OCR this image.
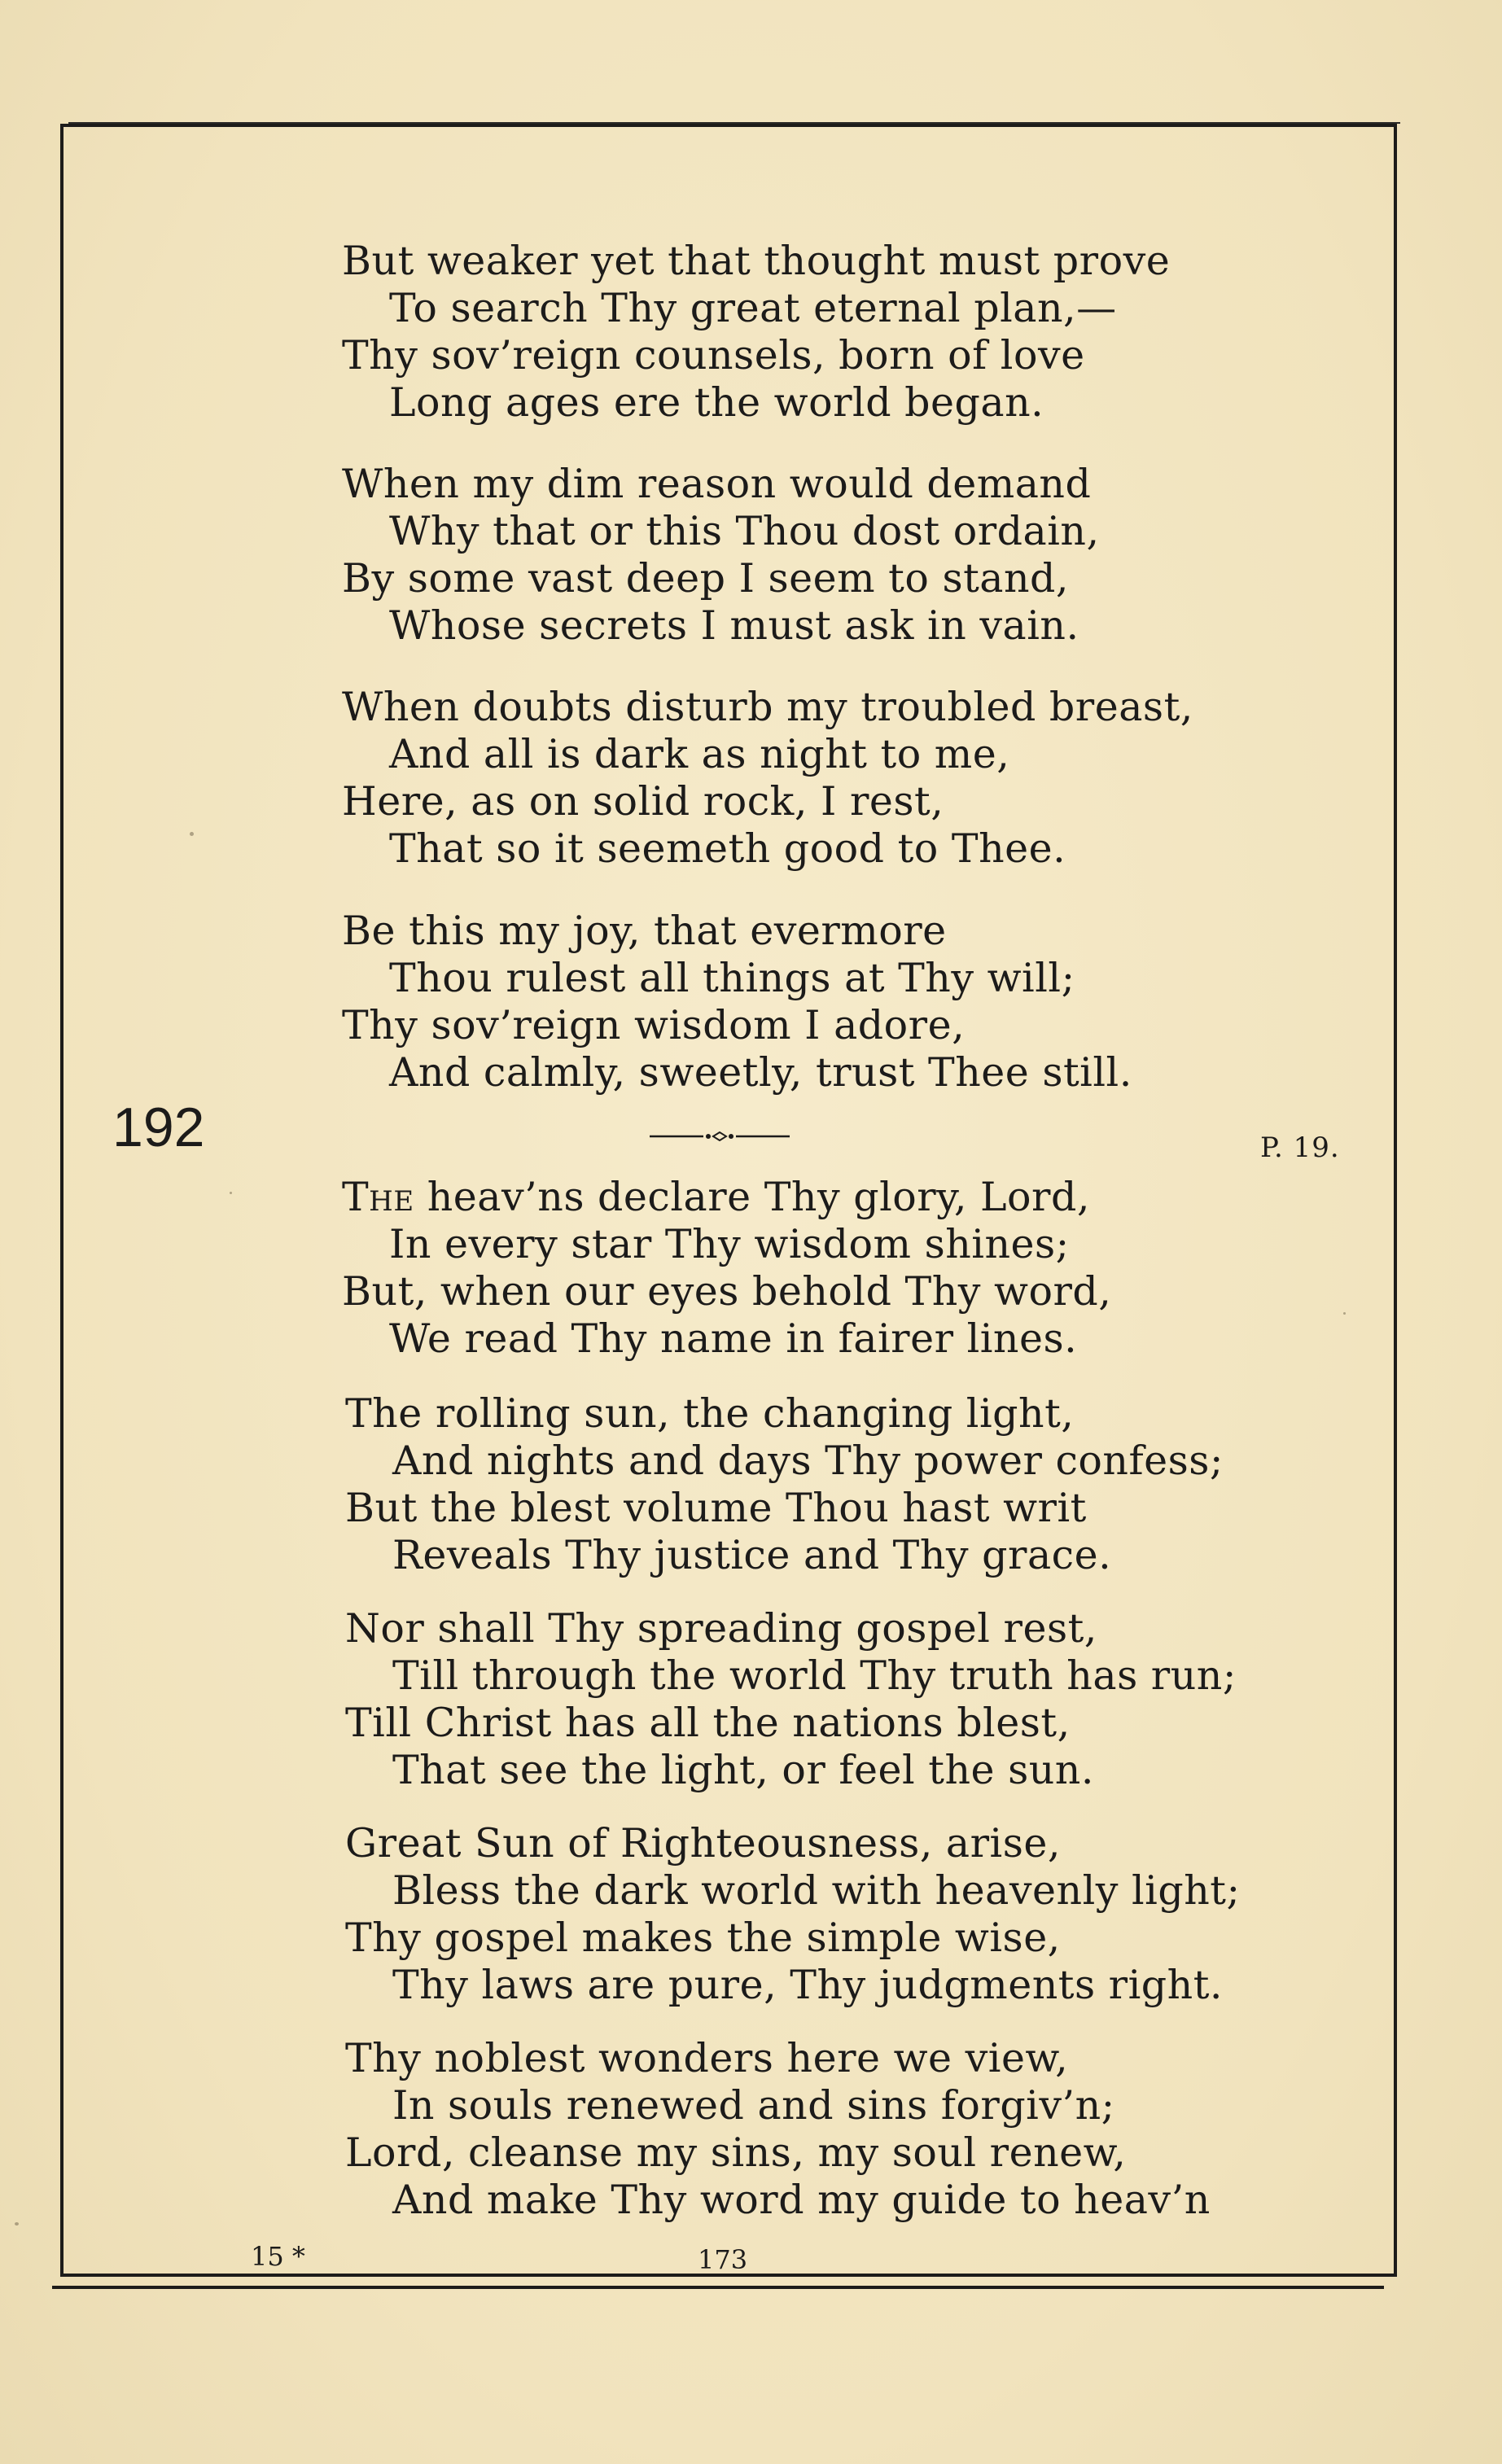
But weaker yet that thought must prove
To search Thy great eternal plan,—
Thy sov’reign counsels, born of love
Long ages ere the world began.
When my dim reason would demand
Why that or this Thou dost ordain,
By some vast deep I seem to stand,
Whose secrets I must ask in vain.
When doubts disturb my troubled breast,
And all is dark as night to me,
Here, as on solid rock, I rest,
That so it seemeth good to Thee.
Be this my joy, that evermore
Thou rulest all things at Thy will;
Thy sov’reign wisdom I adore,
And calmly, sweetly, trust Thee still.
192	P. 19.
The heav’ns declare Thy glory, Lord,
In every star Thy wisdom shines;
But, when our eyes behold Thy word,
We read Thy name in fairer lines.
The rolling sun, the changing light,
And nights and days Thy power confess;
But the blest volume Thou hast writ
Reveals Thy justice and Thy grace.
Nor shall Thy spreading gospel rest,
Till through the world Thy truth has run;
Till Christ has all the nations blest,
That see the light, or feel the sun.
Great Sun of Righteousness, arise,
Bless the dark world with heavenly light;
Thy gospel makes the simple wise,
Thy laws are pure, Thy judgments right.
Thy noblest wonders here we view,
In souls renewed and sins forgiv’n;
Lord, cleanse my sins, my soul renew,
And make Thy word my guide to heav’n
15 *	173
